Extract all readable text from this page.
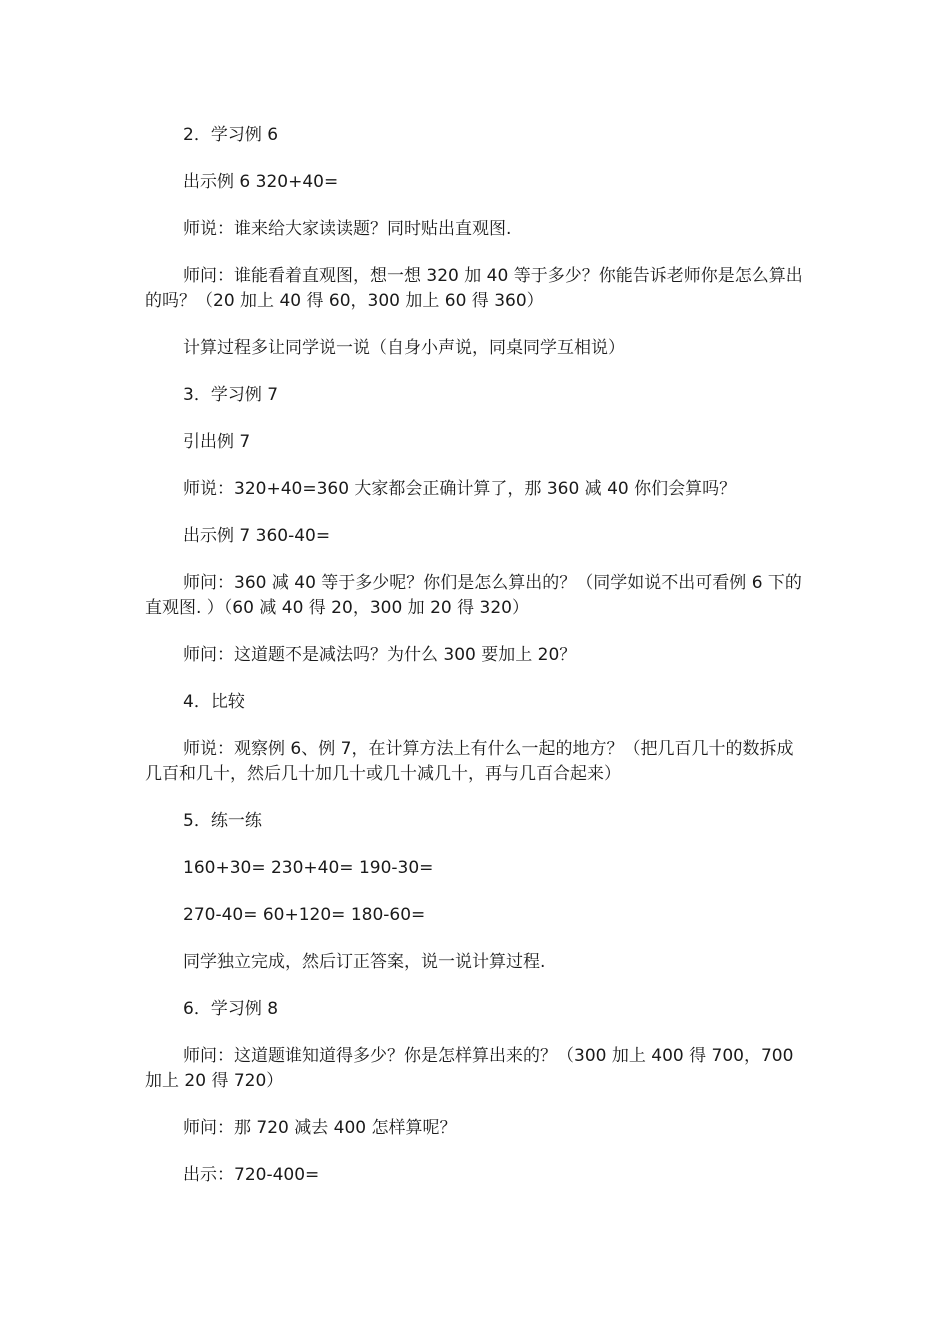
2．学习例 6

出示例 6 320+40=

师说：谁来给大家读读题？同时贴出直观图.

师问：谁能看着直观图，想一想 320 加 40 等于多少？你能告诉老师你是怎么算出的吗？（20 加上 40 得 60，300 加上 60 得 360）

计算过程多让同学说一说（自身小声说，同桌同学互相说）

3．学习例 7

引出例 7

师说：320+40=360 大家都会正确计算了，那 360 减 40 你们会算吗？

出示例 7 360-40=

师问：360 减 40 等于多少呢？你们是怎么算出的？（同学如说不出可看例 6 下的直观图. ）（60 减 40 得 20，300 加 20 得 320）

师问：这道题不是减法吗？为什么 300 要加上 20？

4．比较

师说：观察例 6、例 7，在计算方法上有什么一起的地方？（把几百几十的数拆成几百和几十，然后几十加几十或几十减几十，再与几百合起来）

5．练一练

160+30= 230+40= 190-30=

270-40= 60+120= 180-60=

同学独立完成，然后订正答案，说一说计算过程.

6．学习例 8

师问：这道题谁知道得多少？你是怎样算出来的？（300 加上 400 得 700，700 加上 20 得 720）

师问：那 720 减去 400 怎样算呢？

出示：720-400=
